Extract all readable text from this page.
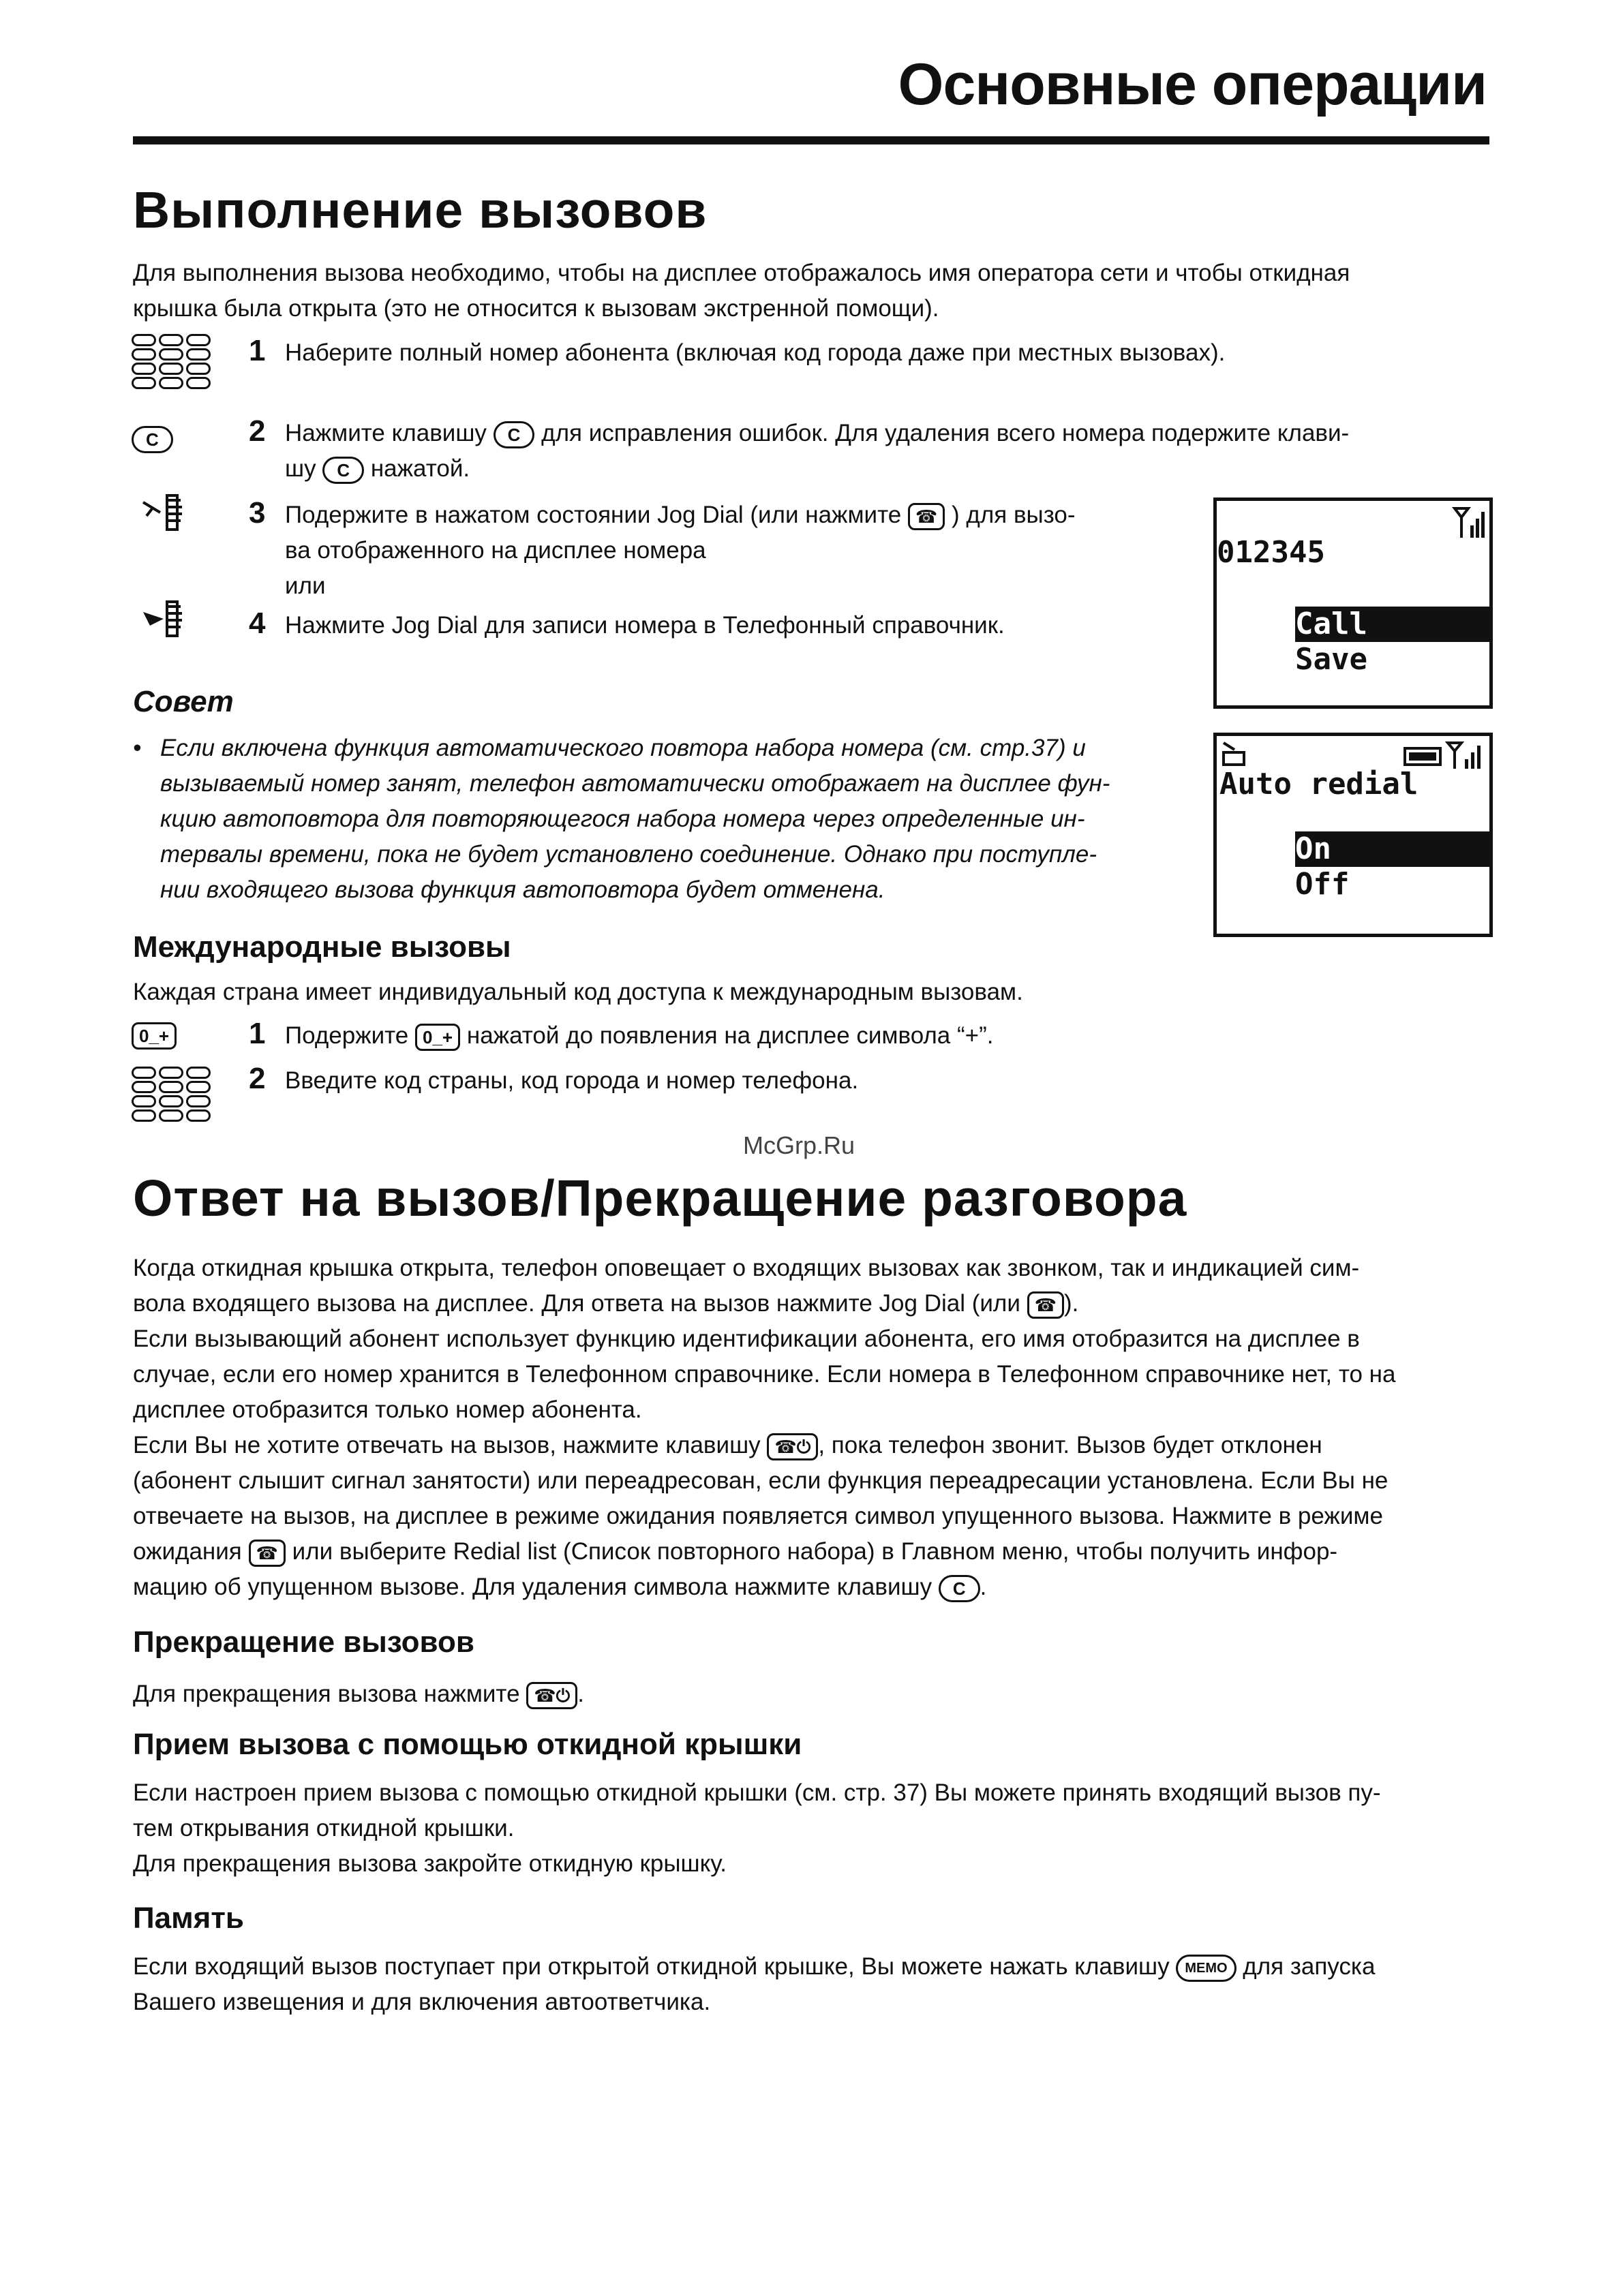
Основные операции
Выполнение вызовов
Для выполнения вызова необходимо, чтобы на дисплее отображалось имя оператора сети и чтобы откидная
крышка была открыта (это не относится к вызовам экстренной помощи).
1 Наберите полный номер абонента (включая код города даже при местных вызовах).
C	2 Нажмите клавишу C для исправления ошибок. Для удаления всего номера подержите клави-
шу C нажатой.
3 Подержите в нажатом состоянии Jog Dial (или нажмите ☎ ) для вызо-
ва отображенного на дисплее номера
или
4 Нажмите Jog Dial для записи номера в Телефонный справочник.
012345
Call
Save
Совет
• Если включена функция автоматического повтора набора номера (см. стр.37) и
вызываемый номер занят, телефон автоматически отображает на дисплее фун-
кцию автоповтора для повторяющегося набора номера через определенные ин-
тервалы времени, пока не будет установлено соединение. Однако при поступле-
нии входящего вызова функция автоповтора будет отменена.
Auto redial
On
Off
Международные вызовы
Каждая страна имеет индивидуальный код доступа к международным вызовам.
0_+	1 Подержите 0_+ нажатой до появления на дисплее символа “+”.
2 Введите код страны, код города и номер телефона.
McGrp.Ru
Ответ на вызов/Прекращение разговора
Когда откидная крышка открыта, телефон оповещает о входящих вызовах как звонком, так и индикацией сим-
вола входящего вызова на дисплее. Для ответа на вызов нажмите Jog Dial (или ☎ ).
Если вызывающий абонент использует функцию идентификации абонента, его имя отобразится на дисплее в
случае, если его номер хранится в Телефонном справочнике. Если номера в Телефонном справочнике нет, то на
дисплее отобразится только номер абонента.
Если Вы не хотите отвечать на вызов, нажмите клавишу ☎⏻ , пока телефон звонит. Вызов будет отклонен
(абонент слышит сигнал занятости) или переадресован, если функция переадресации установлена. Если Вы не
отвечаете на вызов, на дисплее в режиме ожидания появляется символ упущенного вызова. Нажмите в режиме
ожидания ☎ или выберите Redial list (Список повторного набора) в Главном меню, чтобы получить инфор-
мацию об упущенном вызове. Для удаления символа нажмите клавишу C .
Прекращение вызовов
Для прекращения вызова нажмите ☎⏻ .
Прием вызова с помощью откидной крышки
Если настроен прием вызова с помощью откидной крышки (см. стр. 37) Вы можете принять входящий вызов пу-
тем открывания откидной крышки.
Для прекращения вызова закройте откидную крышку.
Память
Если входящий вызов поступает при открытой откидной крышке, Вы можете нажать клавишу MEMO для запуска
Вашего извещения и для включения автоответчика.
